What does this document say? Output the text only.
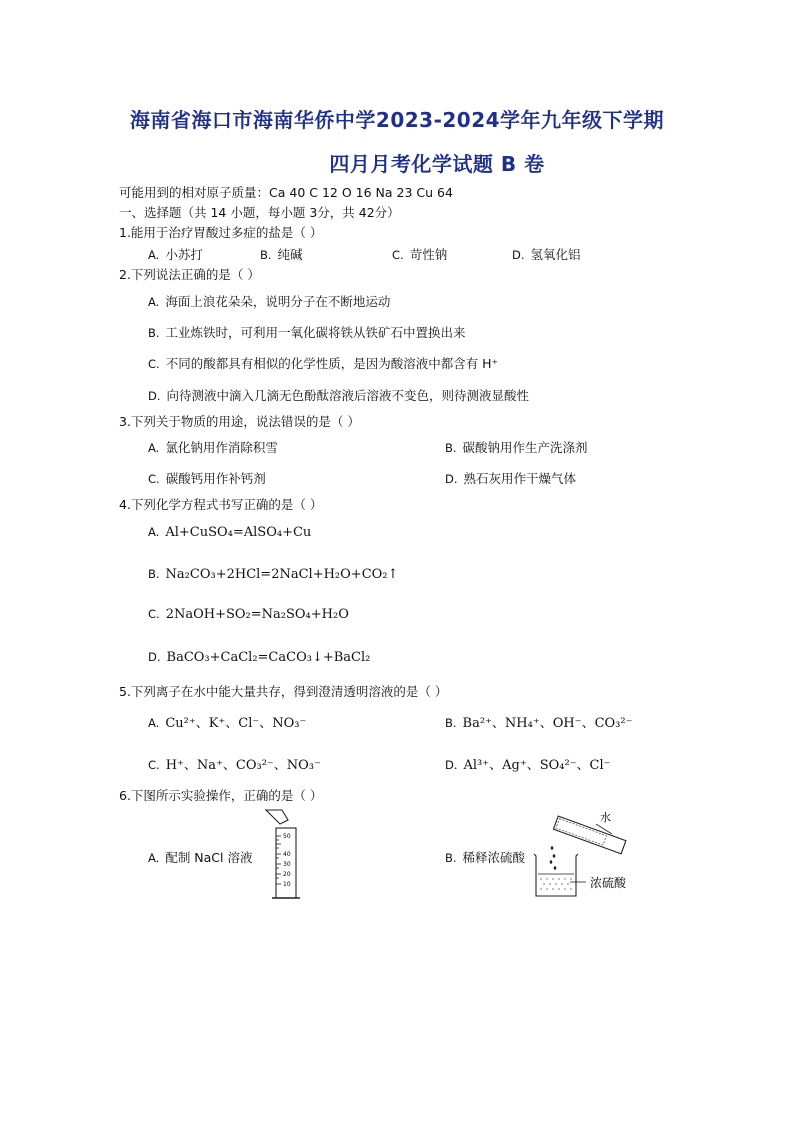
海南省海口市海南华侨中学2023-2024学年九年级下学期
四月月考化学试题 B 卷
可能用到的相对原子质量：Ca 40 C 12 O 16 Na 23 Cu 64
一、选择题（共 14 小题，每小题 3分，共 42分）
1.能用于治疗胃酸过多症的盐是（ ）
A. 小苏打	B. 纯碱	C. 苛性钠	D. 氢氧化铝
2.下列说法正确的是（ ）
A. 海面上浪花朵朵，说明分子在不断地运动
B. 工业炼铁时，可利用一氧化碳将铁从铁矿石中置换出来
C. 不同的酸都具有相似的化学性质，是因为酸溶液中都含有 H⁺
D. 向待测液中滴入几滴无色酚酞溶液后溶液不变色，则待测液显酸性
3.下列关于物质的用途，说法错误的是（ ）
A. 氯化钠用作消除积雪	B. 碳酸钠用作生产洗涤剂
C. 碳酸钙用作补钙剂	D. 熟石灰用作干燥气体
4.下列化学方程式书写正确的是（ ）
A. Al+CuSO₄=AlSO₄+Cu
B. Na₂CO₃+2HCl=2NaCl+H₂O+CO₂↑
C. 2NaOH+SO₂=Na₂SO₄+H₂O
D. BaCO₃+CaCl₂=CaCO₃↓+BaCl₂
5.下列离子在水中能大量共存，得到澄清透明溶液的是（ ）
A. Cu²⁺、K⁺、Cl⁻、NO₃⁻	B. Ba²⁺、NH₄⁺、OH⁻、CO₃²⁻
C. H⁺、Na⁺、CO₃²⁻、NO₃⁻	D. Al³⁺、Ag⁺、SO₄²⁻、Cl⁻
6.下图所示实验操作，正确的是（ ）
A. 配制 NaCl 溶液	B. 稀释浓硫酸
50
40
30
20
10
水
浓硫酸
